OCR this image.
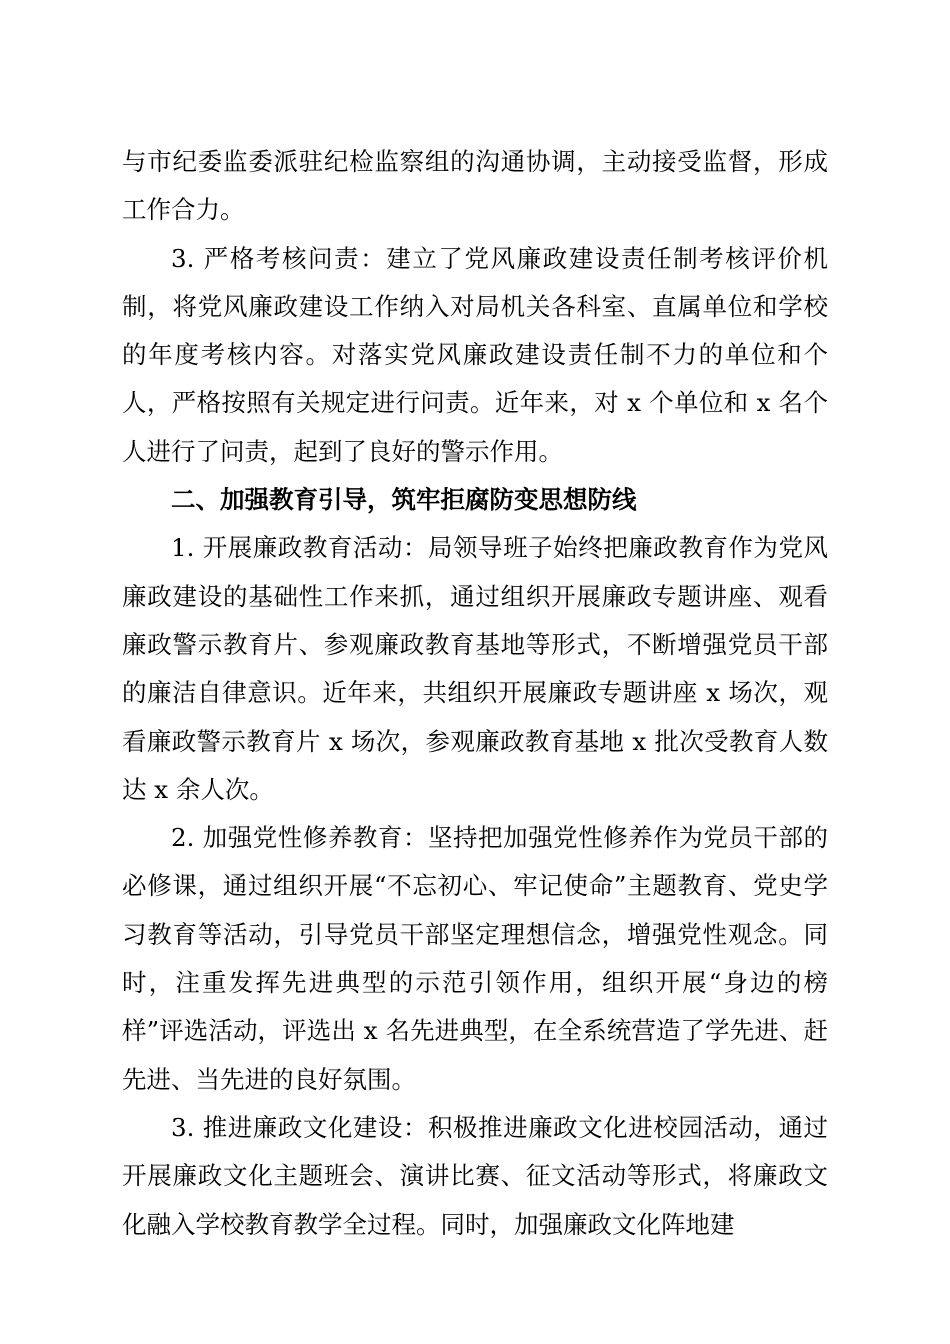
与市纪委监委派驻纪检监察组的沟通协调，主动接受监督，形成工作合力。

3. 严格考核问责：建立了党风廉政建设责任制考核评价机制，将党风廉政建设工作纳入对局机关各科室、直属单位和学校的年度考核内容。对落实党风廉政建设责任制不力的单位和个人，严格按照有关规定进行问责。近年来，对 x 个单位和 x 名个人进行了问责，起到了良好的警示作用。

二、加强教育引导，筑牢拒腐防变思想防线

1. 开展廉政教育活动：局领导班子始终把廉政教育作为党风廉政建设的基础性工作来抓，通过组织开展廉政专题讲座、观看廉政警示教育片、参观廉政教育基地等形式，不断增强党员干部的廉洁自律意识。近年来，共组织开展廉政专题讲座 x 场次，观看廉政警示教育片 x 场次，参观廉政教育基地 x 批次受教育人数达 x 余人次。

2. 加强党性修养教育：坚持把加强党性修养作为党员干部的必修课，通过组织开展“不忘初心、牢记使命”主题教育、党史学习教育等活动，引导党员干部坚定理想信念，增强党性观念。同时，注重发挥先进典型的示范引领作用，组织开展“身边的榜样”评选活动，评选出 x 名先进典型，在全系统营造了学先进、赶先进、当先进的良好氛围。

3. 推进廉政文化建设：积极推进廉政文化进校园活动，通过开展廉政文化主题班会、演讲比赛、征文活动等形式，将廉政文化融入学校教育教学全过程。同时，加强廉政文化阵地建
